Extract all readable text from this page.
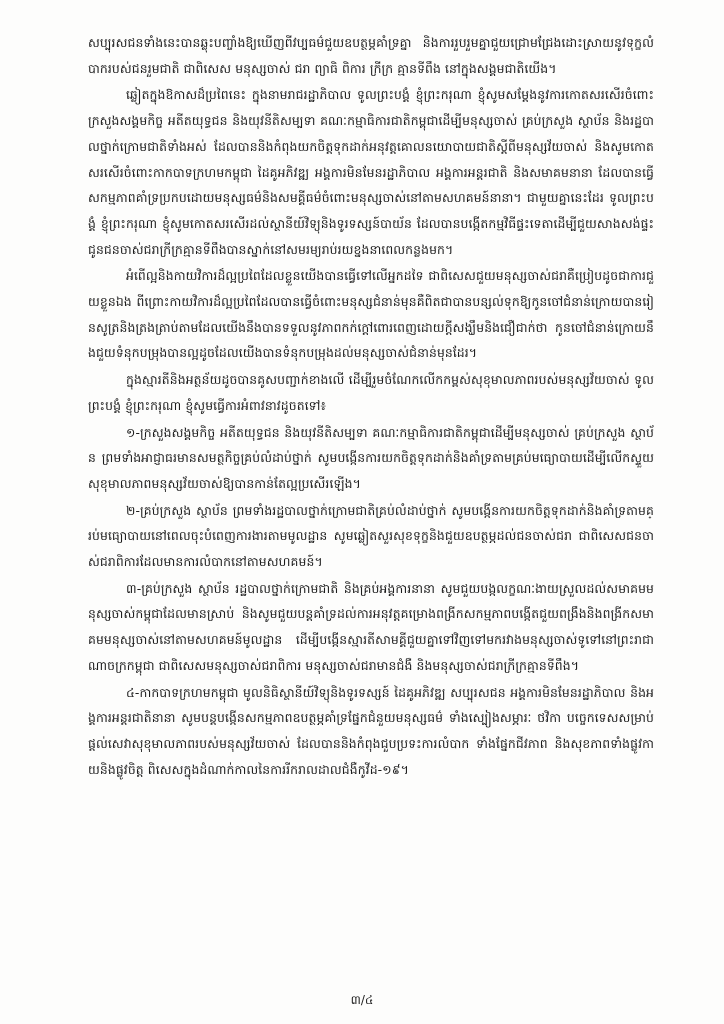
សប្បុរសជនទាំងនេះបានឆ្លុះបញ្ចាំងឱ្យឃើញពីវប្បធម៌ជួយឧបត្ថម្ភគាំទ្រគ្នា និងការរួបរួមគ្នាជួយជ្រោមជ្រែងដោះស្រាយនូវទុក្ខលំបាករបស់ជនរួមជាតិ ជាពិសេស មនុស្សចាស់ ជរា ព្យាធិ ពិការ ក្រីក្រ គ្មានទីពឹង នៅក្នុងសង្គមជាតិយើង។

ឆ្លៀតក្នុងឱកាសដ៏ប្រពៃនេះ ក្នុងនាមរាជរដ្ឋាភិបាល ទូលព្រះបង្គំ ខ្ញុំព្រះករុណា ខ្ញុំសូមសម្តែងនូវការកោតសរសើរចំពោះក្រសួងសង្គមកិច្ច អតីតយុទ្ធជន និងយុវនីតិសម្បទា គណៈកម្មាធិការជាតិកម្ពុជាដើម្បីមនុស្សចាស់ គ្រប់ក្រសួង ស្ថាប័ន និងរដ្ឋបាលថ្នាក់ក្រោមជាតិទាំងអស់ ដែលបាននិងកំពុងយកចិត្តទុកដាក់អនុវត្តគោលនយោបាយជាតិស្តីពីមនុស្សវ័យចាស់ និងសូមកោតសរសើរចំពោះកាកបាទក្រហមកម្ពុជា ដៃគូអភិវឌ្ឍ អង្គការមិនមែនរដ្ឋាភិបាល អង្គការអន្តរជាតិ និងសមាគមនានា ដែលបានធ្វើសកម្មភាពគាំទ្រប្រកបដោយមនុស្សធម៌និងសមគ្គីធម៌ចំពោះមនុស្សចាស់នៅតាមសហគមន៍នានា។ ជាមួយគ្នានេះដែរ ទូលព្រះបង្គំ ខ្ញុំព្រះករុណា ខ្ញុំសូមកោតសរសើរដល់ស្ថានីយ៍វិទ្យុនិងទូរទស្សន៍បាយ័ន ដែលបានបង្កើតកម្មវិធីផ្ទះទេតាដើម្បីជួយសាងសង់ផ្ទះជូនជនចាស់ជរាក្រីក្រគ្មានទីពឹងបានស្នាក់នៅសមរម្យរាប់រយខ្នងនាពេលកន្លងមក។

អំពើល្អនិងកាយវិការដ៏ល្អប្រពៃដែលខ្លួនយើងបានធ្វើទៅលើអ្នកដទៃ ជាពិសេសជួយមនុស្សចាស់ជរាគឺប្រៀបដូចជាការជួយខ្លួនឯង ពីព្រោះកាយវិការដ៏ល្អប្រពៃដែលបានធ្វើចំពោះមនុស្សជំនាន់មុនគឺពិតជាបានបន្សល់ទុកឱ្យកូនចៅជំនាន់ក្រោយបានរៀនសូត្រនិងត្រងត្រាប់តាមដែលយើងនឹងបានទទួលនូវភាពកក់ក្តៅពោរពេញដោយក្តីសង្ឃឹមនិងជឿជាក់ថា កូនចៅជំនាន់ក្រោយនឹងជួយទំនុកបម្រុងបានល្អដូចដែលយើងបានទំនុកបម្រុងដល់មនុស្សចាស់ជំនាន់មុនដែរ។

ក្នុងស្មារតីនិងអត្ថន័យដូចបានគូសបញ្ជាក់ខាងលើ ដើម្បីរួមចំណែកលើកកម្ពស់សុខុមាលភាពរបស់មនុស្សវ័យចាស់ ទូលព្រះបង្គំ ខ្ញុំព្រះករុណា ខ្ញុំសូមធ្វើការអំពាវនាវដូចតទៅ៖

១-ក្រសួងសង្គមកិច្ច អតីតយុទ្ធជន និងយុវនីតិសម្បទា គណៈកម្មាធិការជាតិកម្ពុជាដើម្បីមនុស្សចាស់ គ្រប់ក្រសួង ស្ថាប័ន ព្រមទាំងអាជ្ញាធរមានសមត្ថកិច្ចគ្រប់លំដាប់ថ្នាក់ សូមបង្កើនការយកចិត្តទុកដាក់និងគាំទ្រតាមគ្រប់មធ្យោបាយដើម្បីលើកស្ទួយសុខុមាលភាពមនុស្សវ័យចាស់ឱ្យបានកាន់តែល្អប្រសើរឡើង។

២-គ្រប់ក្រសួង ស្ថាប័ន ព្រមទាំងរដ្ឋបាលថ្នាក់ក្រោមជាតិគ្រប់លំដាប់ថ្នាក់ សូមបង្កើនការយកចិត្តទុកដាក់និងគាំទ្រតាមគ្រប់មធ្យោបាយនៅពេលចុះបំពេញការងារតាមមូលដ្ឋាន សូមឆ្លៀតសួរសុខទុក្ខនិងជួយឧបត្ថម្ភដល់ជនចាស់ជរា ជាពិសេសជនចាស់ជរាពិការដែលមានការលំបាកនៅតាមសហគមន៍។

៣-គ្រប់ក្រសួង ស្ថាប័ន រដ្ឋបាលថ្នាក់ក្រោមជាតិ និងគ្រប់អង្គការនានា សូមជួយបង្កលក្ខណៈងាយស្រួលដល់សមាគមមនុស្សចាស់កម្ពុជាដែលមានស្រាប់ និងសូមជួយបន្តគាំទ្រដល់ការអនុវត្តគម្រោងពង្រីកសកម្មភាពបង្កើតជួយពង្រឹងនិងពង្រីកសមាគមមនុស្សចាស់នៅតាមសហគមន៍មូលដ្ឋាន ដើម្បីបង្កើនស្មារតីសាមគ្គីជួយគ្នាទៅវិញទៅមករវាងមនុស្សចាស់ទូទៅនៅព្រះរាជាណាចក្រកម្ពុជា ជាពិសេសមនុស្សចាស់ជរាពិការ មនុស្សចាស់ជរាមានជំងឺ និងមនុស្សចាស់ជរាក្រីក្រគ្មានទីពឹង។

៤-កាកបាទក្រហមកម្ពុជា មូលនិធិស្ថានីយ៍វិទ្យុនិងទូរទស្សន៍ ដៃគូអភិវឌ្ឍ សប្បុរសជន អង្គការមិនមែនរដ្ឋាភិបាល និងអង្គការអន្តរជាតិនានា សូមបន្តបង្កើនសកម្មភាពឧបត្ថម្ភគាំទ្រផ្នែកជំនួយមនុស្សធម៌ ទាំងស្បៀងសម្ភារៈ ថវិកា បច្ចេកទេសសម្រាប់ផ្តល់សេវាសុខុមាលភាពរបស់មនុស្សវ័យចាស់ ដែលបាននិងកំពុងជួបប្រទះការលំបាក ទាំងផ្នែកជីវភាព និងសុខភាពទាំងផ្លូវកាយនិងផ្លូវចិត្ត ពិសេសក្នុងដំណាក់កាលនៃការរីករាលដាលជំងឺកូវីដ-១៩។

៣/៤
